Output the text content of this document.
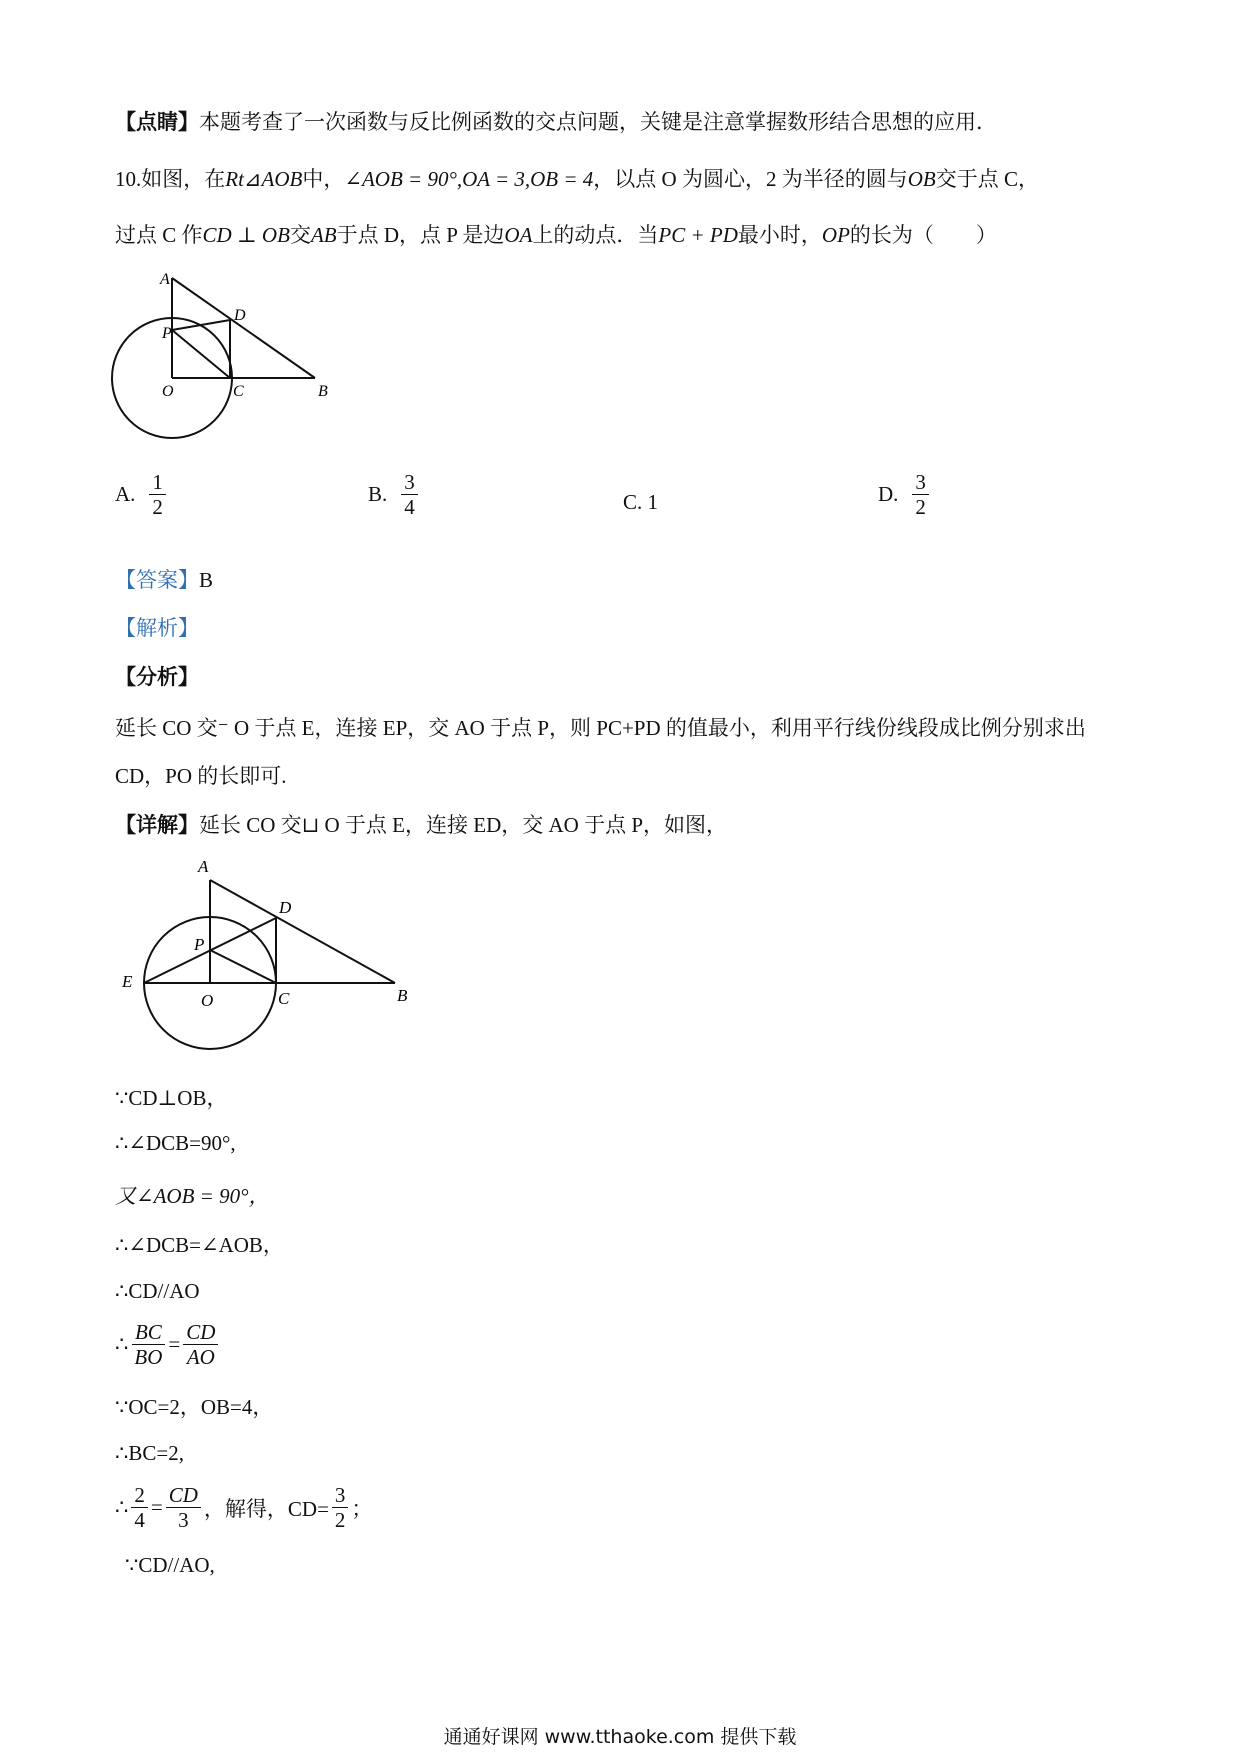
【点睛】本题考查了一次函数与反比例函数的交点问题，关键是注意掌握数形结合思想的应用．
10.如图，在Rt⊿AOB中，∠AOB = 90°,OA = 3,OB = 4，以点 O 为圆心，2 为半径的圆与OB交于点 C，
过点 C 作CD ⊥ OB交AB于点 D，点 P 是边OA上的动点．当PC + PD最小时，OP的长为（　　）
A
D
P
O	C	B
A. $\frac{1}{2}$	B. $\frac{3}{4}$	C.
1	D. $\frac{3}{2}$
【答案】B
【解析】
【分析】
延长 CO 交⁻ O 于点 E，连接 EP，交 AO 于点 P，则 PC+PD 的值最小，利用平行线份线段成比例分别求出
CD，PO 的长即可.
【详解】延长 CO 交⊔ O 于点 E，连接 ED，交 AO 于点 P，如图，
A
D
P
E
O	C	B
∵CD⊥OB，
∴∠DCB=90°,
又∠AOB = 90°，
∴∠DCB=∠AOB，
∴CD//AO
∴ $\frac{BC}{BO} = \frac{CD}{AO}$
∵OC=2，OB=4，
∴BC=2,
∴ $\frac{2}{4} = \frac{CD}{3}$ ，解得，$CD= \frac{3}{2}$ ；
∵CD//AO,
通通好课网 www.tthaoke.com 提供下载
